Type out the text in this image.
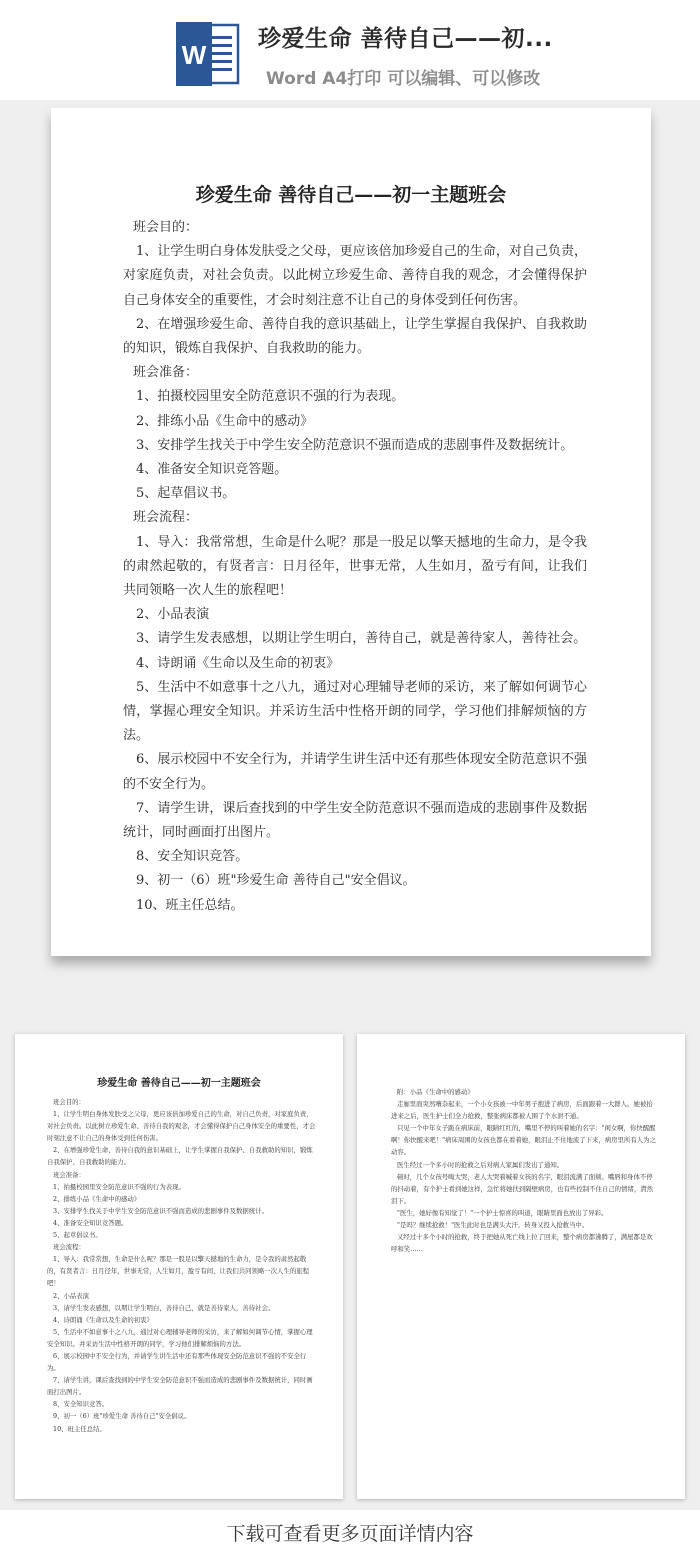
W
珍爱生命 善待自己——初...
Word A4打印 可以编辑、可以修改
珍爱生命 善待自己——初一主题班会

班会目的：

1、让学生明白身体发肤受之父母，更应该倍加珍爱自己的生命，对自己负责，对家庭负责，对社会负责。以此树立珍爱生命、善待自我的观念，才会懂得保护自己身体安全的重要性，才会时刻注意不让自己的身体受到任何伤害。

2、在增强珍爱生命、善待自我的意识基础上，让学生掌握自我保护、自我救助的知识，锻炼自我保护、自我救助的能力。

班会准备：

1、拍摄校园里安全防范意识不强的行为表现。

2、排练小品《生命中的感动》

3、安排学生找关于中学生安全防范意识不强而造成的悲剧事件及数据统计。

4、准备安全知识竞答题。

5、起草倡议书。

班会流程：

1、导入：我常常想，生命是什么呢？那是一股足以擎天撼地的生命力，是令我的肃然起敬的，有贤者言：日月径年，世事无常，人生如月，盈亏有间，让我们共同领略一次人生的旅程吧！

2、小品表演

3、请学生发表感想，以期让学生明白，善待自己，就是善待家人，善待社会。

4、诗朗诵《生命以及生命的初衷》

5、生活中不如意事十之八九，通过对心理辅导老师的采访，来了解如何调节心情，掌握心理安全知识。并采访生活中性格开朗的同学，学习他们排解烦恼的方法。

6、展示校园中不安全行为，并请学生讲生活中还有那些体现安全防范意识不强的不安全行为。

7、请学生讲，课后查找到的中学生安全防范意识不强而造成的悲剧事件及数据统计，同时画面打出图片。

8、安全知识竞答。

9、初一（6）班"珍爱生命 善待自己"安全倡议。

10、班主任总结。

珍爱生命 善待自己——初一主题班会

班会目的：

1、让学生明白身体发肤受之父母，更应该倍加珍爱自己的生命，对自己负责，对家庭负责，对社会负责。以此树立珍爱生命、善待自我的观念，才会懂得保护自己身体安全的重要性，才会时刻注意不让自己的身体受到任何伤害。

2、在增强珍爱生命、善待自我的意识基础上，让学生掌握自我保护、自我救助的知识，锻炼自我保护、自我救助的能力。

班会准备：

1、拍摄校园里安全防范意识不强的行为表现。

2、排练小品《生命中的感动》

3、安排学生找关于中学生安全防范意识不强而造成的悲剧事件及数据统计。

4、准备安全知识竞答题。

5、起草倡议书。

班会流程：

1、导入：我常常想，生命是什么呢？那是一股足以擎天撼地的生命力，是令我的肃然起敬的，有贤者言：日月径年，世事无常，人生如月，盈亏有间，让我们共同领略一次人生的旅程吧！

2、小品表演

3、请学生发表感想，以期让学生明白，善待自己，就是善待家人，善待社会。

4、诗朗诵《生命以及生命的初衷》

5、生活中不如意事十之八九，通过对心理辅导老师的采访，来了解如何调节心情，掌握心理安全知识。并采访生活中性格开朗的同学，学习他们排解烦恼的方法。

6、展示校园中不安全行为，并请学生讲生活中还有那些体现安全防范意识不强的不安全行为。

7、请学生讲，课后查找到的中学生安全防范意识不强而造成的悲剧事件及数据统计，同时画面打出图片。

8、安全知识竞答。

9、初一（6）班"珍爱生命 善待自己"安全倡议。

10、班主任总结。

附：小品《生命中的感动》

走廊里面突然嘈杂起来，一个小女孩被一中年男子抱进了病房，后面跟着一大群人。她被抬进来之后，医生护士们全力抢救，整张病床都被人围了个水泄不通。

只见一个中年女子跪在病床前，眼睛红红的，嘴里不停的叫着她的名字："闺女啊，你快醒醒啊！你快醒来吧！"病床周围的女孩也都在看着她，眼泪止不住地流了下来，病房里所有人为之动容。

医生经过一个多小时的抢救之后对病人家属们发出了通知。

顿时，几个女孩号啕大哭，老人大哭着喊着女孩的名字，眼泪流满了面颊。嘴唇和身体不停的抖动着，有个护士看到她这样，急忙将她扶到隔壁病房，也有些控制不住自己的情绪，潸然泪下。

"医生，她好像有知觉了！"一个护士惊喜的叫道，眼睛里面也放出了异彩。

"是吗？继续抢救！"医生此时也是满头大汗，转身又投入抢救当中。

又经过十多个小时的抢救，终于把她从死亡线上拉了回来，整个病房都沸腾了，满屋都是欢呼和笑……

下载可查看更多页面详情内容
